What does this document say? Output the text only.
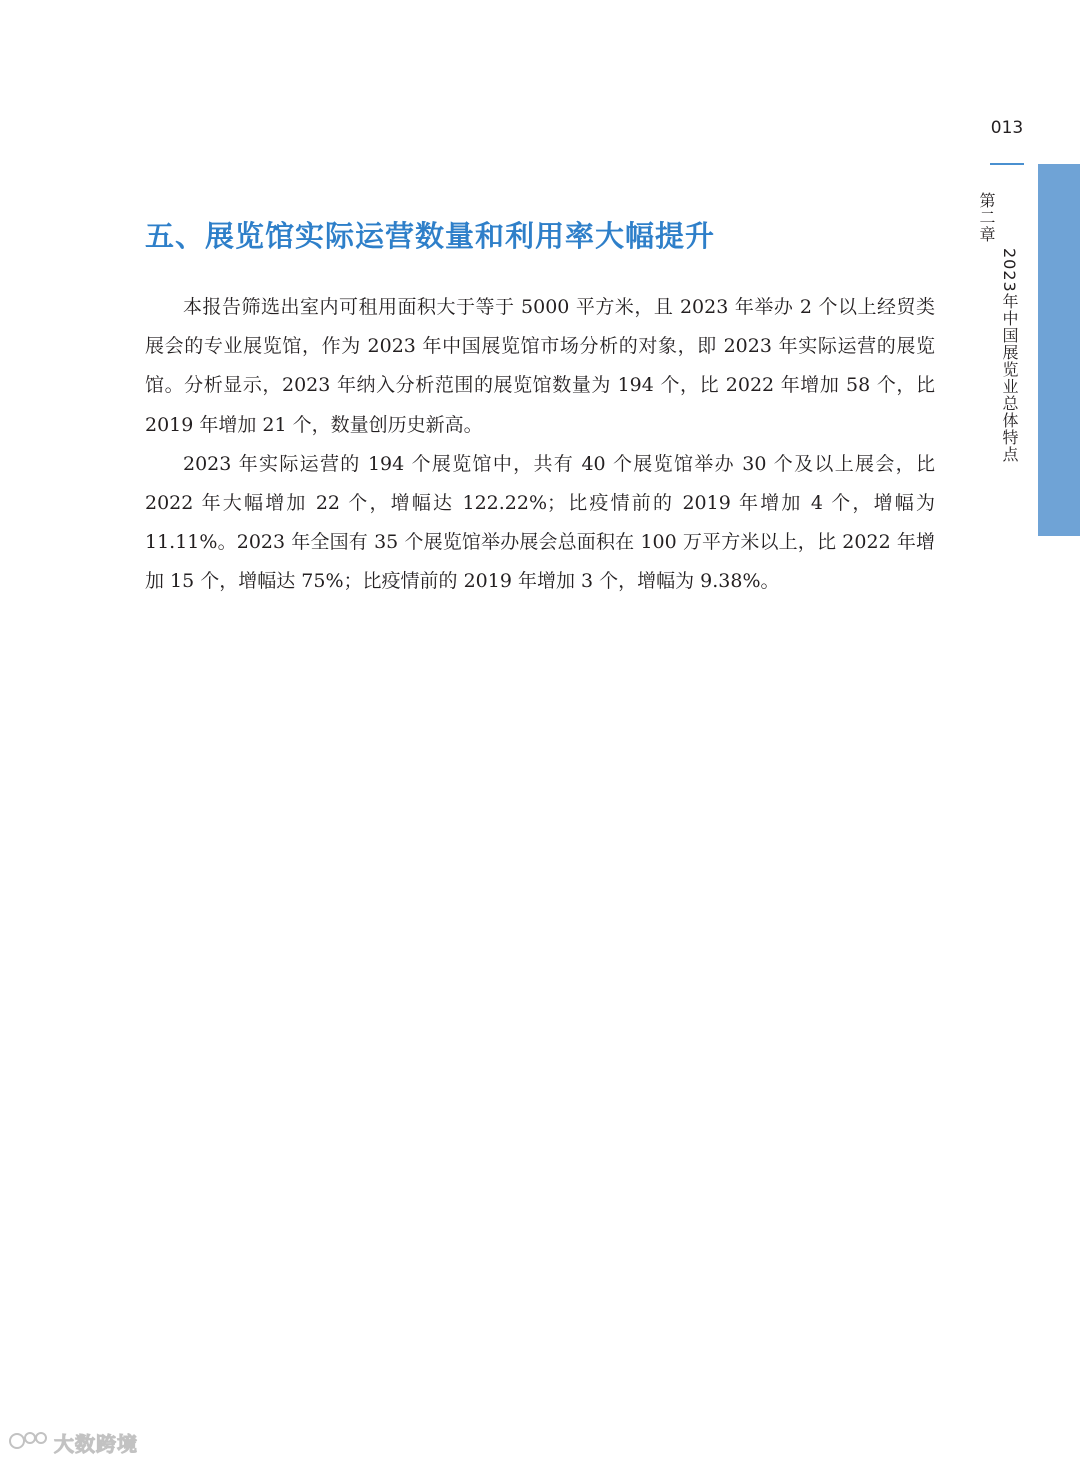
013
第二章
2023年中国展览业总体特点
五、展览馆实际运营数量和利用率大幅提升

本报告筛选出室内可租用面积大于等于 5000 平方米，且 2023 年举办 2 个以上经贸类展会的专业展览馆，作为 2023 年中国展览馆市场分析的对象，即 2023 年实际运营的展览馆。分析显示，2023 年纳入分析范围的展览馆数量为 194 个，比 2022 年增加 58 个，比 2019 年增加 21 个，数量创历史新高。

2023 年实际运营的 194 个展览馆中，共有 40 个展览馆举办 30 个及以上展会，比 2022 年大幅增加 22 个，增幅达 122.22%；比疫情前的 2019 年增加 4 个，增幅为 11.11%。2023 年全国有 35 个展览馆举办展会总面积在 100 万平方米以上，比 2022 年增加 15 个，增幅达 75%；比疫情前的 2019 年增加 3 个，增幅为 9.38%。

大数跨境
